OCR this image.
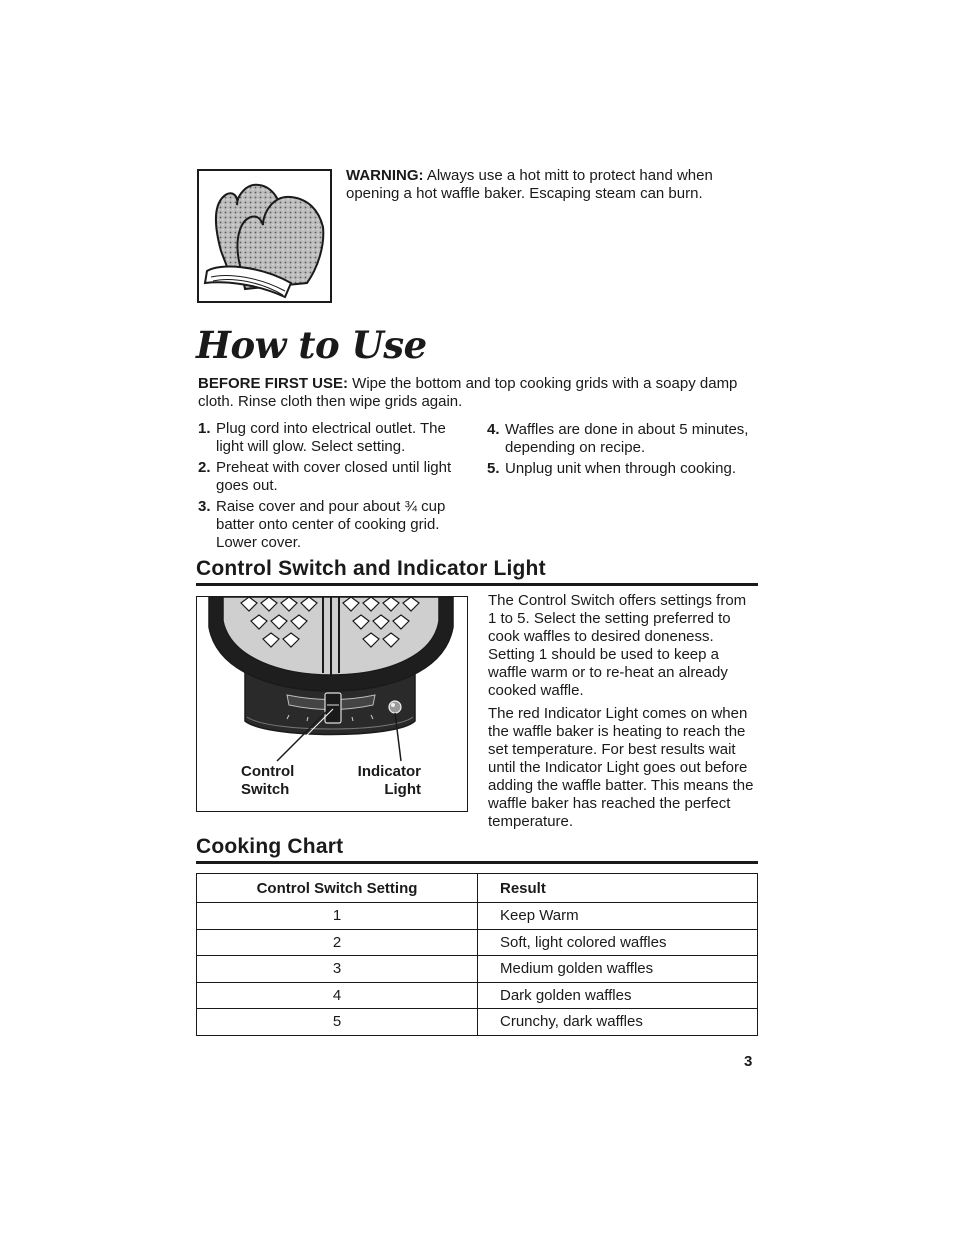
WARNING: Always use a hot mitt to protect hand when opening a hot waffle baker. Escaping steam can burn.
How to Use
BEFORE FIRST USE: Wipe the bottom and top cooking grids with a soapy damp cloth. Rinse cloth then wipe grids again.
1. Plug cord into electrical outlet. The light will glow. Select setting.
2. Preheat with cover closed until light goes out.
3. Raise cover and pour about ¾ cup batter onto center of cooking grid. Lower cover.
4. Waffles are done in about 5 minutes, depending on recipe.
5. Unplug unit when through cooking.
Control Switch and Indicator Light
Control
Switch
Indicator
Light

The Control Switch offers settings from 1 to 5. Select the setting preferred to cook waffles to desired doneness. Setting 1 should be used to keep a waffle warm or to re-heat an already cooked waffle.

The red Indicator Light comes on when the waffle baker is heating to reach the set temperature. For best results wait until the Indicator Light goes out before adding the waffle batter. This means the waffle baker has reached the perfect temperature.

Cooking Chart
Control Switch Setting	Result
1	Keep Warm
2	Soft, light colored waffles
3	Medium golden waffles
4	Dark golden waffles
5	Crunchy, dark waffles
3
